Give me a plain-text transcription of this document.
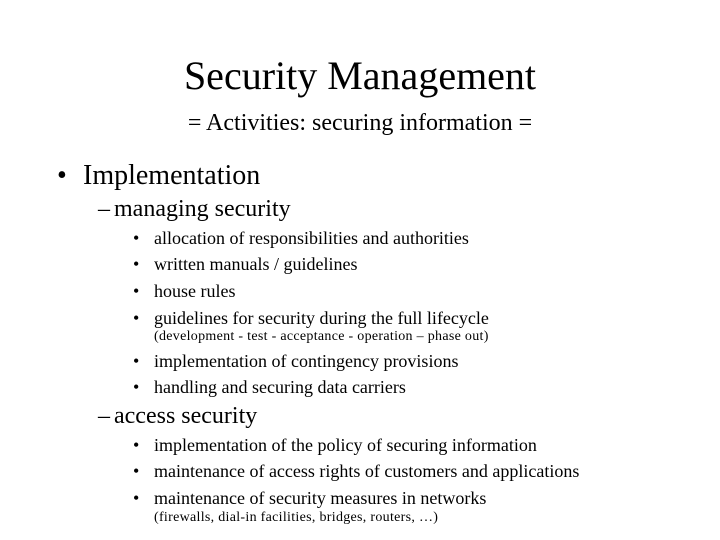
Security Management
= Activities: securing information =
• Implementation
– managing security
• allocation of responsibilities and authorities
• written manuals / guidelines
• house rules
• guidelines for security during the full lifecycle
(development - test - acceptance - operation – phase out)
• implementation of contingency provisions
• handling and securing data carriers
– access security
• implementation of the policy of securing information
• maintenance of access rights of customers and applications
• maintenance of security measures in networks
(firewalls, dial-in facilities, bridges, routers, …)
